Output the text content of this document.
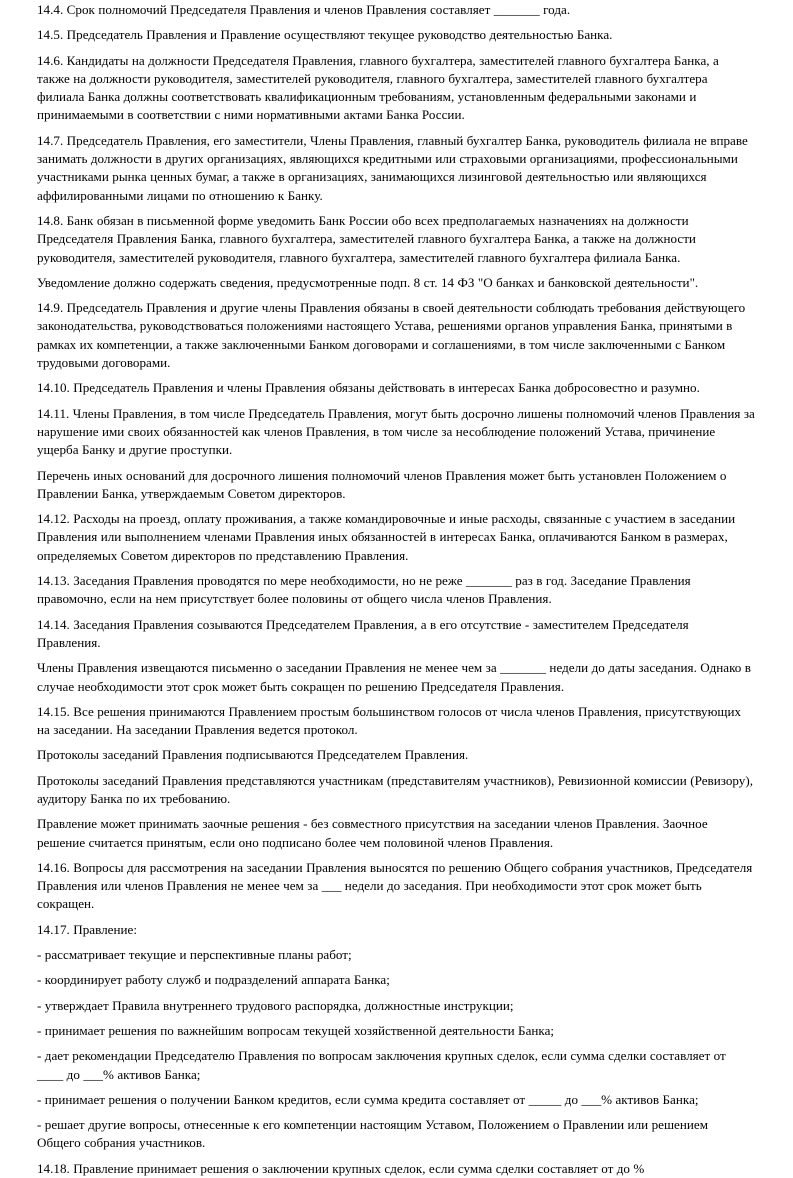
14.4. Срок полномочий Председателя Правления и членов Правления составляет _______ года.

14.5. Председатель Правления и Правление осуществляют текущее руководство деятельностью Банка.

14.6. Кандидаты на должности Председателя Правления, главного бухгалтера, заместителей главного бухгалтера Банка, а также на должности руководителя, заместителей руководителя, главного бухгалтера, заместителей главного бухгалтера филиала Банка должны соответствовать квалификационным требованиям, установленным федеральными законами и принимаемыми в соответствии с ними нормативными актами Банка России.

14.7. Председатель Правления, его заместители, Члены Правления, главный бухгалтер Банка, руководитель филиала не вправе занимать должности в других организациях, являющихся кредитными или страховыми организациями, профессиональными участниками рынка ценных бумаг, а также в организациях, занимающихся лизинговой деятельностью или являющихся аффилированными лицами по отношению к Банку.

14.8. Банк обязан в письменной форме уведомить Банк России обо всех предполагаемых назначениях на должности Председателя Правления Банка, главного бухгалтера, заместителей главного бухгалтера Банка, а также на должности руководителя, заместителей руководителя, главного бухгалтера, заместителей главного бухгалтера филиала Банка.

Уведомление должно содержать сведения, предусмотренные подп. 8 ст. 14 ФЗ "О банках и банковской деятельности".

14.9. Председатель Правления и другие члены Правления обязаны в своей деятельности соблюдать требования действующего законодательства, руководствоваться положениями настоящего Устава, решениями органов управления Банка, принятыми в рамках их компетенции, а также заключенными Банком договорами и соглашениями, в том числе заключенными с Банком трудовыми договорами.

14.10. Председатель Правления и члены Правления обязаны действовать в интересах Банка добросовестно и разумно.

14.11. Члены Правления, в том числе Председатель Правления, могут быть досрочно лишены полномочий членов Правления за нарушение ими своих обязанностей как членов Правления, в том числе за несоблюдение положений Устава, причинение ущерба Банку и другие проступки.

Перечень иных оснований для досрочного лишения полномочий членов Правления может быть установлен Положением о Правлении Банка, утверждаемым Советом директоров.

14.12. Расходы на проезд, оплату проживания, а также командировочные и иные расходы, связанные с участием в заседании Правления или выполнением членами Правления иных обязанностей в интересах Банка, оплачиваются Банком в размерах, определяемых Советом директоров по представлению Правления.

14.13. Заседания Правления проводятся по мере необходимости, но не реже _______ раз в год. Заседание Правления правомочно, если на нем присутствует более половины от общего числа членов Правления.

14.14. Заседания Правления созываются Председателем Правления, а в его отсутствие - заместителем Председателя Правления.

Члены Правления извещаются письменно о заседании Правления не менее чем за _______ недели до даты заседания. Однако в случае необходимости этот срок может быть сокращен по решению Председателя Правления.

14.15. Все решения принимаются Правлением простым большинством голосов от числа членов Правления, присутствующих на заседании. На заседании Правления ведется протокол.

Протоколы заседаний Правления подписываются Председателем Правления.

Протоколы заседаний Правления представляются участникам (представителям участников), Ревизионной комиссии (Ревизору), аудитору Банка по их требованию.

Правление может принимать заочные решения - без совместного присутствия на заседании членов Правления. Заочное решение считается принятым, если оно подписано более чем половиной членов Правления.

14.16. Вопросы для рассмотрения на заседании Правления выносятся по решению Общего собрания участников, Председателя Правления или членов Правления не менее чем за ___ недели до заседания. При необходимости этот срок может быть сокращен.

14.17. Правление:

- рассматривает текущие и перспективные планы работ;

- координирует работу служб и подразделений аппарата Банка;

- утверждает Правила внутреннего трудового распорядка, должностные инструкции;

- принимает решения по важнейшим вопросам текущей хозяйственной деятельности Банка;

- дает рекомендации Председателю Правления по вопросам заключения крупных сделок, если сумма сделки составляет от ____ до ___% активов Банка;

- принимает решения о получении Банком кредитов, если сумма кредита составляет от _____ до ___% активов Банка;

- решает другие вопросы, отнесенные к его компетенции настоящим Уставом, Положением о Правлении или решением Общего собрания участников.

14.18. Правление принимает решения о заключении крупных сделок, если сумма сделки составляет от до %
